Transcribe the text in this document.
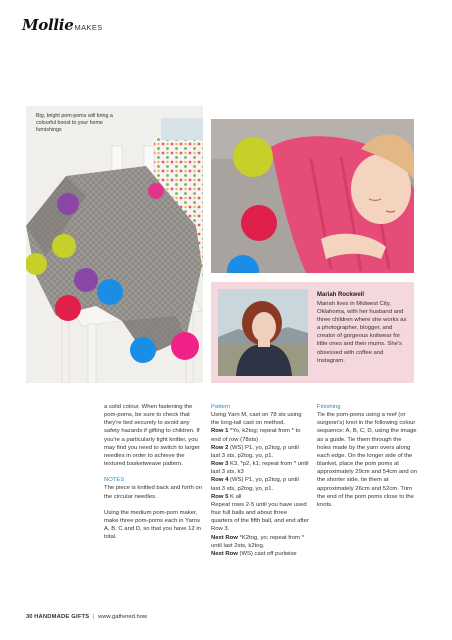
Mollie MAKES
Big, bright pom-poms will bring a colourful boost to your home furnishings
Mariah Rockwell
Mariah lives in Midwest City, Oklahoma, with her husband and three children where she works as a photographer, blogger, and creator of gorgeous knitwear for little ones and their mums. She's obsessed with coffee and Instagram.

a solid colour. When fastening the pom-poms, be sure to check that they're tied securely to avoid any safety hazards if gifting to children. If you're a particularly tight knitter, you may find you need to switch to larger needles in order to achieve the textured basketweave pattern.

NOTES

The piece is knitted back and forth on the circular needles.

Using the medium pom-pom maker, make three pom-poms each in Yarns A, B, C and D, so that you have 12 in total.

Pattern

Using Yarn M, cast on 78 sts using the long-tail cast on method.

Row 1 *Yo, k2tog; repeat from * to end of row (78sts)

Row 2 (WS) P1, yo, p2tog, p until last 3 sts, p2tog, yo, p1.

Row 3 K3, *p2, k1; repeat from * until last 3 sts, k3

Row 4 (WS) P1, yo, p2tog, p until last 3 sts, p2tog, yo, p1.

Row 5 K all

Repeat rows 2-5 until you have used four full balls and about three quarters of the fifth ball, and end after Row 3.

Next Row *K2tog, yo; repeat from * until last 2sts, k2tog.

Next Row (WS) cast off purlwise

Finishing

Tie the pom-poms using a reef (or surgeon's) knot in the following colour sequence: A, B, C, D, using the image as a guide. Tie them through the holes made by the yarn overs along each edge. On the longer side of the blanket, place the pom poms at approximately 29cm and 54cm and on the shorter side, tie them at approximately 26cm and 52cm. Trim the end of the pom poms close to the knots.

30 HANDMADE GIFTS | www.gathered.how
